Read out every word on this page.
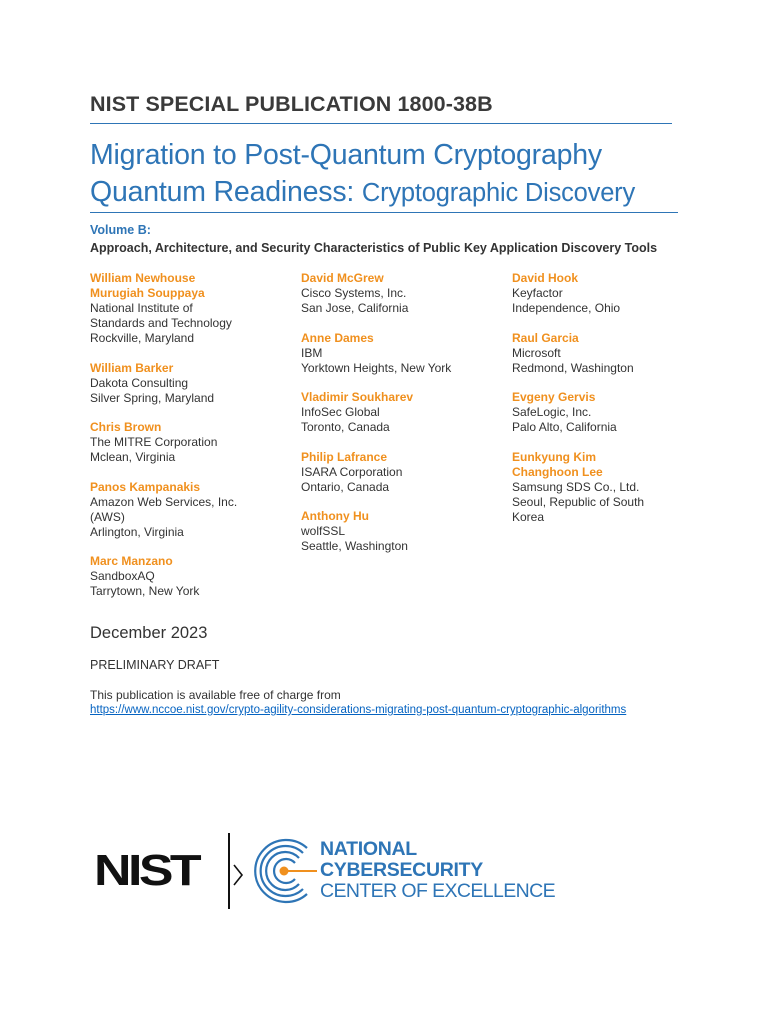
NIST SPECIAL PUBLICATION 1800-38B
Migration to Post-Quantum Cryptography
Quantum Readiness: Cryptographic Discovery
Volume B:
Approach, Architecture, and Security Characteristics of Public Key Application Discovery Tools
William Newhouse
Murugiah Souppaya
National Institute of
Standards and Technology
Rockville, Maryland
William Barker
Dakota Consulting
Silver Spring, Maryland
Chris Brown
The MITRE Corporation
Mclean, Virginia
Panos Kampanakis
Amazon Web Services, Inc.
(AWS)
Arlington, Virginia
Marc Manzano
SandboxAQ
Tarrytown, New York
David McGrew
Cisco Systems, Inc.
San Jose, California
Anne Dames
IBM
Yorktown Heights, New York
Vladimir Soukharev
InfoSec Global
Toronto, Canada
Philip Lafrance
ISARA Corporation
Ontario, Canada
Anthony Hu
wolfSSL
Seattle, Washington
David Hook
Keyfactor
Independence, Ohio
Raul Garcia
Microsoft
Redmond, Washington
Evgeny Gervis
SafeLogic, Inc.
Palo Alto, California
Eunkyung Kim
Changhoon Lee
Samsung SDS Co., Ltd.
Seoul, Republic of South
Korea
December 2023
PRELIMINARY DRAFT
This publication is available free of charge from
https://www.nccoe.nist.gov/crypto-agility-considerations-migrating-post-quantum-cryptographic-algorithms
NIST	NATIONAL
CYBERSECURITY
CENTER OF EXCELLENCE
